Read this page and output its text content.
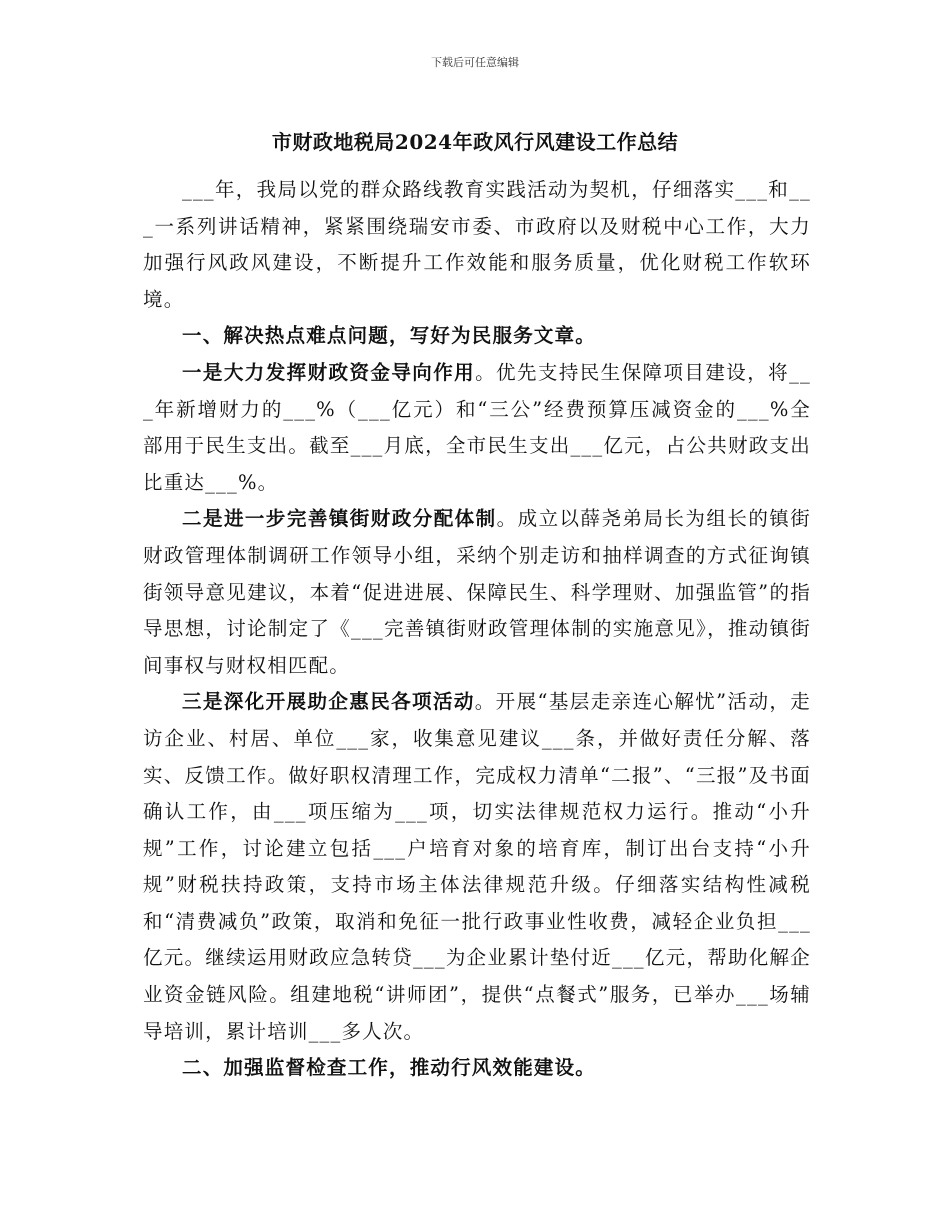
下载后可任意编辑
市财政地税局2024年政风行风建设工作总结

___年，我局以党的群众路线教育实践活动为契机，仔细落实___和___一系列讲话精神，紧紧围绕瑞安市委、市政府以及财税中心工作，大力加强行风政风建设，不断提升工作效能和服务质量，优化财税工作软环境。

一、解决热点难点问题，写好为民服务文章。

一是大力发挥财政资金导向作用。优先支持民生保障项目建设，将___年新增财力的___%（___亿元）和“三公”经费预算压减资金的___%全部用于民生支出。截至___月底，全市民生支出___亿元，占公共财政支出比重达___%。

二是进一步完善镇街财政分配体制。成立以薛尧弟局长为组长的镇街财政管理体制调研工作领导小组，采纳个别走访和抽样调查的方式征询镇街领导意见建议，本着“促进进展、保障民生、科学理财、加强监管”的指导思想，讨论制定了《___完善镇街财政管理体制的实施意见》，推动镇街间事权与财权相匹配。

三是深化开展助企惠民各项活动。开展“基层走亲连心解忧”活动，走访企业、村居、单位___家，收集意见建议___条，并做好责任分解、落实、反馈工作。做好职权清理工作，完成权力清单“二报”、“三报”及书面确认工作，由___项压缩为___项，切实法律规范权力运行。推动“小升规”工作，讨论建立包括___户培育对象的培育库，制订出台支持“小升规”财税扶持政策，支持市场主体法律规范升级。仔细落实结构性减税和“清费减负”政策，取消和免征一批行政事业性收费，减轻企业负担___亿元。继续运用财政应急转贷___为企业累计垫付近___亿元，帮助化解企业资金链风险。组建地税“讲师团”，提供“点餐式”服务，已举办___场辅导培训，累计培训___多人次。

二、加强监督检查工作，推动行风效能建设。
